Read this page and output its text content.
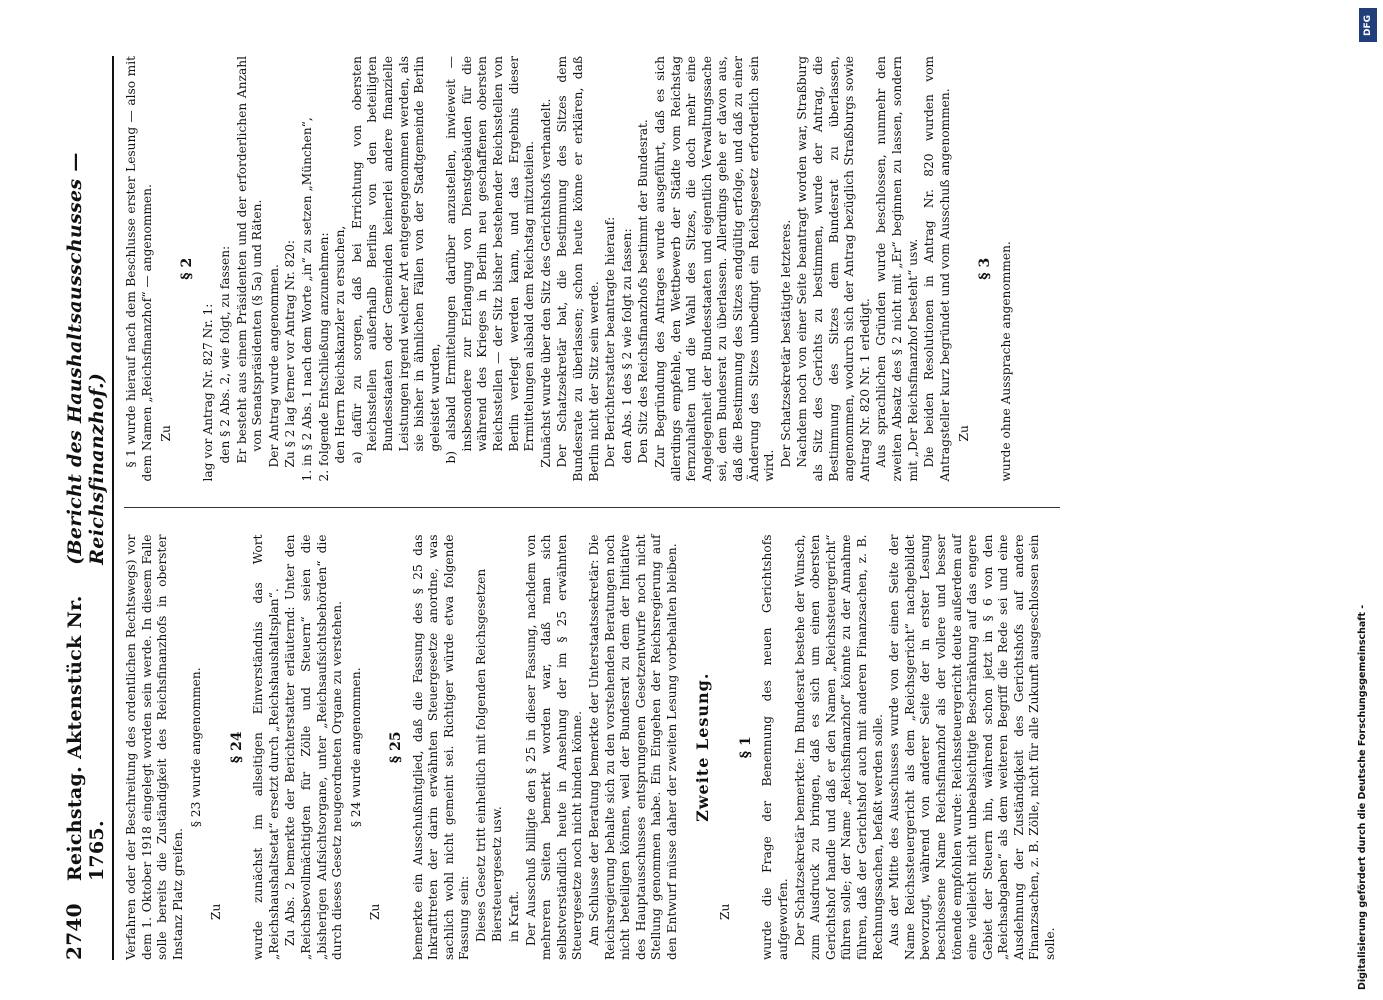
2740
Reichstag. Aktenstück Nr. 1765.
(Bericht des Haushaltsausschusses — Reichsfinanzhof.)

Verfahren oder der Beschreitung des ordentlichen Rechtswegs) vor dem 1. Oktober 1918 eingelegt worden sein werde. In diesem Falle solle bereits die Zuständigkeit des Reichsfinanzhofs in oberster Instanz Platz greifen.

§ 23 wurde angenommen.

Zu

§ 24 wurde zunächst im allseitigen Einverständnis das Wort „Reichshaushaltsetat“ ersetzt durch „Reichshaushaltsplan“. Zu Abs. 2 bemerkte der Berichterstatter erläuternd: Unter den „Reichsbevollmächtigten für Zölle und Steuern“ seien die „bisherigen Aufsichtsorgane, unter „Reichsaufsichtsbehörden“ die durch dieses Gesetz neugeordneten Organe zu verstehen. § 24 wurde angenommen.

Zu

§ 25 bemerkte ein Ausschußmitglied, daß die Fassung des § 25 das Inkrafttreten der darin erwähnten Steuergesetze anordne, was sachlich wohl nicht gemeint sei. Richtiger würde etwa folgende Fassung sein: Dieses Gesetz tritt einheitlich mit folgenden Reichsgesetzen Biersteuergesetz usw. in Kraft. Der Ausschuß billigte den § 25 in dieser Fassung, nachdem von mehreren Seiten bemerkt worden war, daß man sich selbstverständlich heute in Ansehung der im § 25 erwähnten Steuergesetze noch nicht binden könne. Am Schlusse der Beratung bemerkte der Unterstaatssekretär: Die Reichsregierung behalte sich zu den vorstehenden Beratungen noch nicht beteiligen können, weil der Bundesrat zu dem der Initiative des Hauptausschusses entsprungenen Gesetzentwurfe noch nicht Stellung genommen habe. Ein Eingehen der Reichsregierung auf den Entwurf müsse daher der zweiten Lesung vorbehalten bleiben. Zweite Lesung.

Zu

§ 1 wurde die Frage der Benennung des neuen Gerichtshofs aufgeworfen. Der Schatzsekretär bemerkte: Im Bundesrat bestehe der Wunsch, zum Ausdruck zu bringen, daß es sich um einen obersten Gerichtshof handle und daß er den Namen „Reichssteuergericht“ führen solle; der Name „Reichsfinanzhof“ könnte zu der Annahme führen, daß der Gerichtshof auch mit anderen Finanzsachen, z. B. Rechnungssachen, befaßt werden solle. Aus der Mitte des Ausschusses wurde von der einen Seite der Name Reichssteuergericht als dem „Reichsgericht“ nachgebildet bevorzugt, während von anderer Seite der in erster Lesung beschlossene Name Reichsfinanzhof als der vollere und besser tönende empfohlen wurde: Reichssteuergericht deute außerdem auf eine vielleicht nicht unbeabsichtigte Beschränkung auf das engere Gebiet der Steuern hin, während schon jetzt in § 6 von den „Reichsabgaben“ als dem weiteren Begriff die Rede sei und eine Ausdehnung der Zuständigkeit des Gerichtshofs auf andere Finanzsachen, z. B. Zölle, nicht für alle Zukunft ausgeschlossen sein solle.

§ 1 wurde hierauf nach dem Beschlusse erster Lesung — also mit dem Namen „Reichsfinanzhof“ — angenommen. Zu

§ 2

lag vor Antrag Nr. 827 Nr. 1: den § 2 Abs. 2, wie folgt, zu fassen: Er besteht aus einem Präsidenten und der erforderlichen Anzahl von Senatspräsidenten (§ 5a) und Räten. Der Antrag wurde angenommen. Zu § 2 lag ferner vor Antrag Nr. 820: 1. in § 2 Abs. 1 nach dem Worte „in“ zu setzen „München“, 2. folgende Entschließung anzunehmen: den Herrn Reichskanzler zu ersuchen, a) dafür zu sorgen, daß bei Errichtung von obersten Reichsstellen außerhalb Berlins von den beteiligten Bundesstaaten oder Gemeinden keinerlei andere finanzielle Leistungen irgend welcher Art entgegengenommen werden, als sie bisher in ähnlichen Fällen von der Stadtgemeinde Berlin geleistet wurden, b) alsbald Ermittelungen darüber anzustellen, inwieweit — insbesondere zur Erlangung von Dienstgebäuden für die während des Krieges in Berlin neu geschaffenen obersten Reichsstellen — der Sitz bisher bestehender Reichsstellen von Berlin verlegt werden kann, und das Ergebnis dieser Ermittelungen alsbald dem Reichstag mitzuteilen. Zunächst wurde über den Sitz des Gerichtshofs verhandelt. Der Schatzsekretär bat, die Bestimmung des Sitzes dem Bundesrate zu überlassen; schon heute könne er erklären, daß Berlin nicht der Sitz sein werde. Der Berichterstatter beantragte hierauf: den Abs. 1 des § 2 wie folgt zu fassen: Den Sitz des Reichsfinanzhofs bestimmt der Bundesrat. Zur Begründung des Antrages wurde ausgeführt, daß es sich allerdings empfehle, den Wettbewerb der Städte vom Reichstag fernzuhalten und die Wahl des Sitzes, die doch mehr eine Angelegenheit der Bundesstaaten und eigentlich Verwaltungssache sei, dem Bundesrat zu überlassen. Allerdings gehe er davon aus, daß die Bestimmung des Sitzes endgültig erfolge, und daß zu einer Änderung des Sitzes unbedingt ein Reichsgesetz erforderlich sein wird. Der Schatzsekretär bestätigte letzteres. Nachdem noch von einer Seite beantragt worden war, Straßburg als Sitz des Gerichts zu bestimmen, wurde der Antrag, die Bestimmung des Sitzes dem Bundesrat zu überlassen, angenommen, wodurch sich der Antrag bezüglich Straßburgs sowie Antrag Nr. 820 Nr. 1 erledigt. Aus sprachlichen Gründen wurde beschlossen, nunmehr den zweiten Absatz des § 2 nicht mit „Er“ beginnen zu lassen, sondern mit „Der Reichsfinanzhof besteht“ usw. Die beiden Resolutionen in Antrag Nr. 820 wurden vom Antragsteller kurz begründet und vom Ausschuß angenommen. Zu

§ 3 wurde ohne Aussprache angenommen.

Digitalisierung gefördert durch die Deutsche Forschungsgemeinschaft -
DFG
